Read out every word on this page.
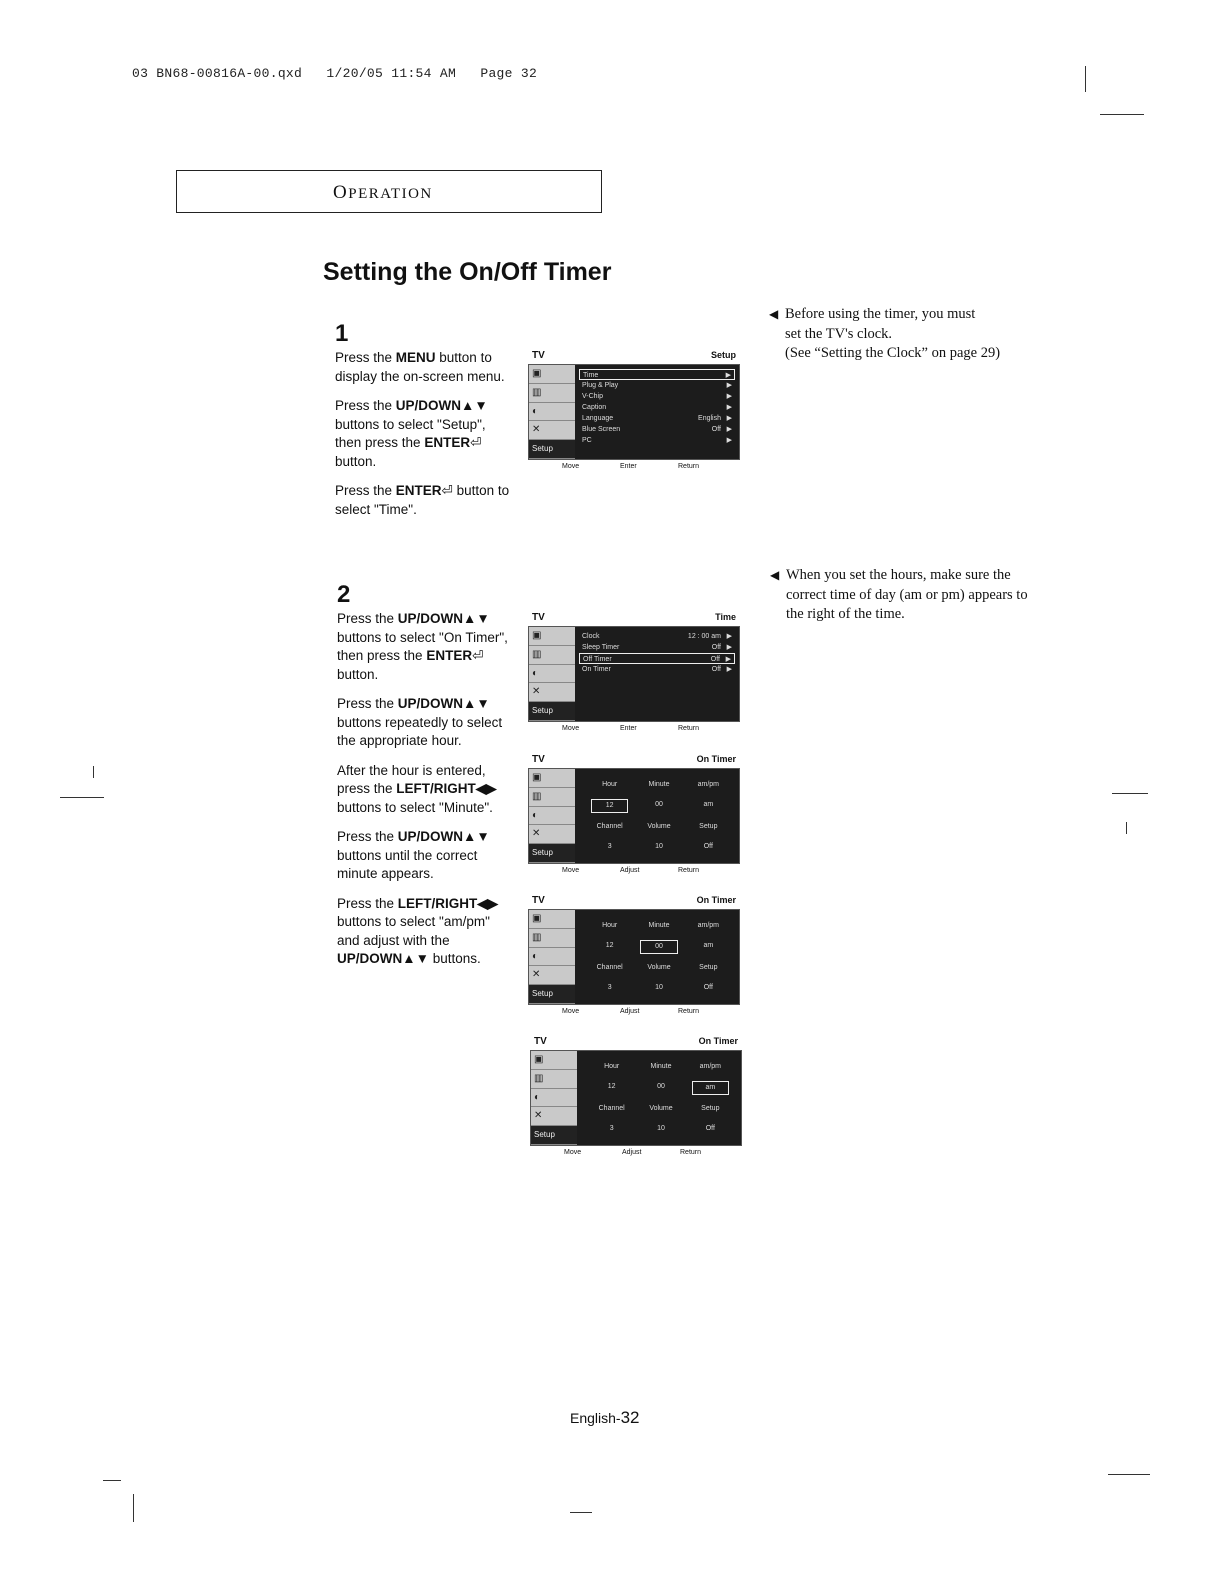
03 BN68-00816A-00.qxd   1/20/05 11:54 AM   Page 32
OPERATION
Setting the On/Off Timer
1

Press the MENU button to display the on-screen menu.

Press the UP/DOWN▲▼ buttons to select "Setup", then press the ENTER⏎ button.

Press the ENTER⏎ button to select "Time".

2

Press the UP/DOWN▲▼ buttons to select "On Timer", then press the ENTER⏎ button.

Press the UP/DOWN▲▼ buttons repeatedly to select the appropriate hour.

After the hour is entered, press the LEFT/RIGHT◀▶ buttons to select "Minute".

Press the UP/DOWN▲▼ buttons until the correct minute appears.

Press the LEFT/RIGHT◀▶ buttons to select "am/pm" and adjust with the UP/DOWN▲▼ buttons.

◀ Before using the timer, you must
set the TV's clock.
(See “Setting the Clock” on page 29)
◀ When you set the hours, make sure the correct time of day (am or pm) appears to the right of the time.
TV	Setup
▣
▥
◐
✕
Setup
Time	▶
Plug & Play	▶
V-Chip	▶
Caption	▶
Language	English ▶
Blue Screen	Off ▶
PC	▶
Move	Enter	Return
TV	Time
▣
▥
◐
✕
Setup
Clock	12 : 00 am ▶
Sleep Timer	Off ▶
Off Timer	Off ▶
On Timer	Off ▶
Move	Enter	Return
TV	On Timer
▣
▥
◐
✕
Setup
Hour	Minute	am/pm
12	00	am
Channel	Volume	Setup
3	10	Off
Move	Adjust	Return
TV	On Timer
▣
▥
◐
✕
Setup
Hour	Minute	am/pm
12	00	am
Channel	Volume	Setup
3	10	Off
Move	Adjust	Return
TV	On Timer
▣
▥
◐
✕
Setup
Hour	Minute	am/pm
12	00	am
Channel	Volume	Setup
3	10	Off
Move	Adjust	Return
English-32
